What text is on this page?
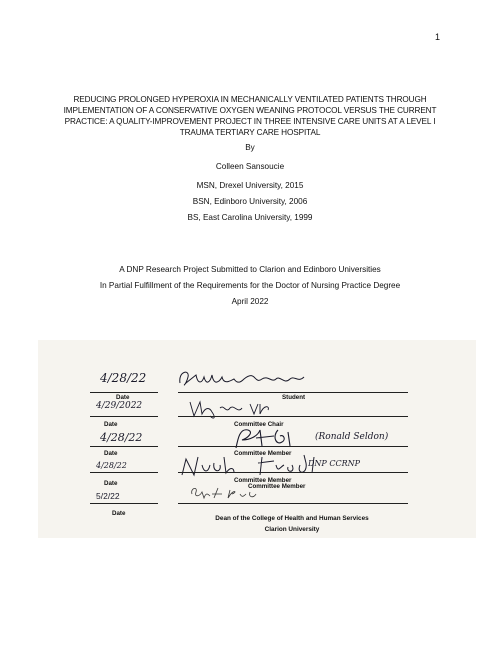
1
REDUCING PROLONGED HYPEROXIA IN MECHANICALLY VENTILATED PATIENTS THROUGH IMPLEMENTATION OF A CONSERVATIVE OXYGEN WEANING PROTOCOL VERSUS THE CURRENT PRACTICE: A QUALITY-IMPROVEMENT PROJECT IN THREE INTENSIVE CARE UNITS AT A LEVEL I TRAUMA TERTIARY CARE HOSPITAL
By
Colleen Sansoucie
MSN, Drexel University, 2015
BSN, Edinboro University, 2006
BS, East Carolina University, 1999
A DNP Research Project Submitted to Clarion and Edinboro Universities
In Partial Fulfillment of the Requirements for the Doctor of Nursing Practice Degree
April 2022
4/28/22
Date	Student
4/29/2022
Date	Committee Chair
4/28/22
Date
(Ronald Seldon)
Committee Member
4/28/22
Date
DNP CCRNP
Committee Member
5/2/22
Date
Committee Member
Dean of the College of Health and Human Services
Clarion University
